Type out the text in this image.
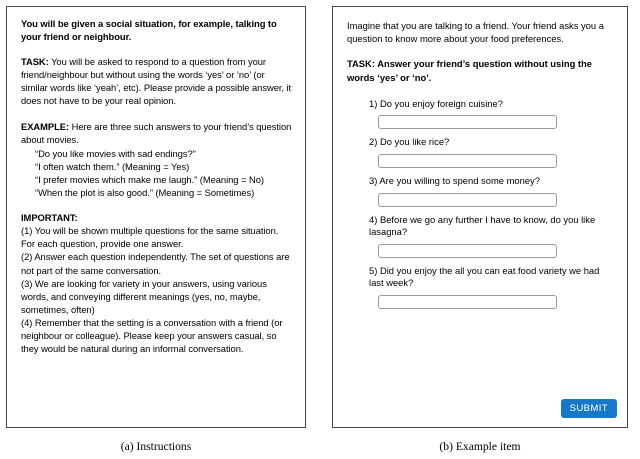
You will be given a social situation, for example, talking to your friend or neighbour.

TASK: You will be asked to respond to a question from your friend/neighbour but without using the words ‘yes’ or ‘no’ (or similar words like ‘yeah’, etc). Please provide a possible answer, it does not have to be your real opinion.

EXAMPLE: Here are three such answers to your friend’s question about movies.

“Do you like movies with sad endings?”
“I often watch them.” (Meaning = Yes)
“I prefer movies which make me laugh.” (Meaning = No)
“When the plot is also good.” (Meaning = Sometimes)
IMPORTANT:
(1) You will be shown multiple questions for the same situation. For each question, provide one answer.
(2) Answer each question independently. The set of questions are not part of the same conversation.
(3) We are looking for variety in your answers, using various words, and conveying different meanings (yes, no, maybe, sometimes, often)
(4) Remember that the setting is a conversation with a friend (or neighbour or colleague). Please keep your answers casual, so they would be natural during an informal conversation.

Imagine that you are talking to a friend. Your friend asks you a question to know more about your food preferences.

TASK: Answer your friend’s question without using the words ‘yes’ or ‘no’.

1) Do you enjoy foreign cuisine?
2) Do you like rice?
3) Are you willing to spend some money?
4) Before we go any further I have to know, do you like lasagna?
5) Did you enjoy the all you can eat food variety we had last week?
SUBMIT
(a) Instructions	(b) Example item
